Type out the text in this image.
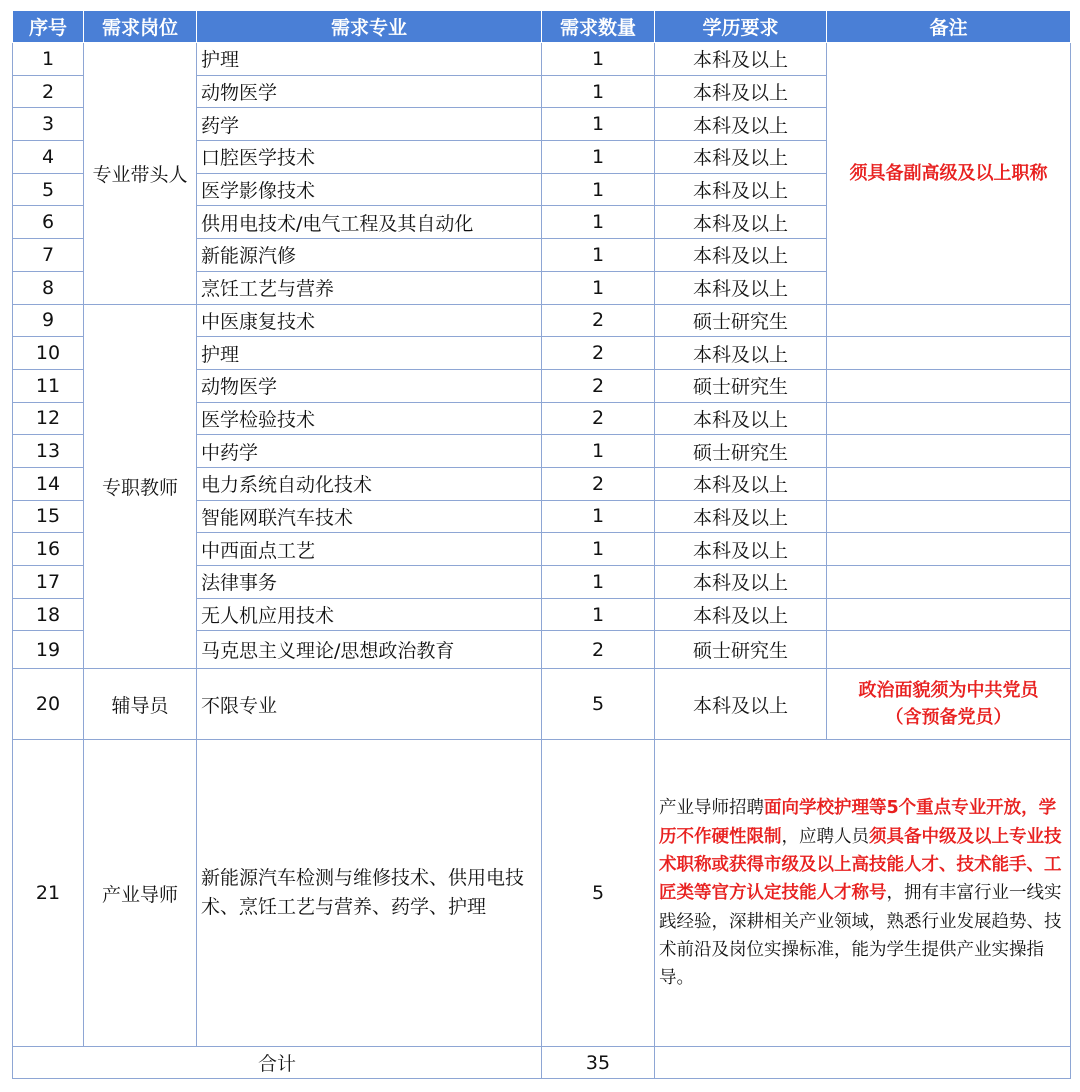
序号	需求岗位	需求专业	需求数量	学历要求	备注
1	专业带头人	护理	1	本科及以上	须具备副高级及以上职称
2		动物医学	1	本科及以上	
3		药学	1	本科及以上	
4		口腔医学技术	1	本科及以上	
5		医学影像技术	1	本科及以上	
6		供用电技术/电气工程及其自动化	1	本科及以上	
7		新能源汽修	1	本科及以上	
8		烹饪工艺与营养	1	本科及以上	
9	专职教师	中医康复技术	2	硕士研究生	
10		护理	2	本科及以上	
11		动物医学	2	硕士研究生	
12		医学检验技术	2	本科及以上	
13		中药学	1	硕士研究生	
14		电力系统自动化技术	2	本科及以上	
15		智能网联汽车技术	1	本科及以上	
16		中西面点工艺	1	本科及以上	
17		法律事务	1	本科及以上	
18		无人机应用技术	1	本科及以上	
19		马克思主义理论/思想政治教育	2	硕士研究生	
20	辅导员	不限专业	5	本科及以上	政治面貌须为中共党员
（含预备党员）

21	产业导师	新能源汽车检测与维修技术、供用电技术、烹饪工艺与营养、药学、护理	5	产业导师招聘面向学校护理等5个重点专业开放，学历不作硬性限制，应聘人员须具备中级及以上专业技术职称或获得市级及以上高技能人才、技术能手、工匠类等官方认定技能人才称号，拥有丰富行业一线实践经验，深耕相关产业领域，熟悉行业发展趋势、技术前沿及岗位实操标准，能为学生提供产业实操指导。	
合计			35		
